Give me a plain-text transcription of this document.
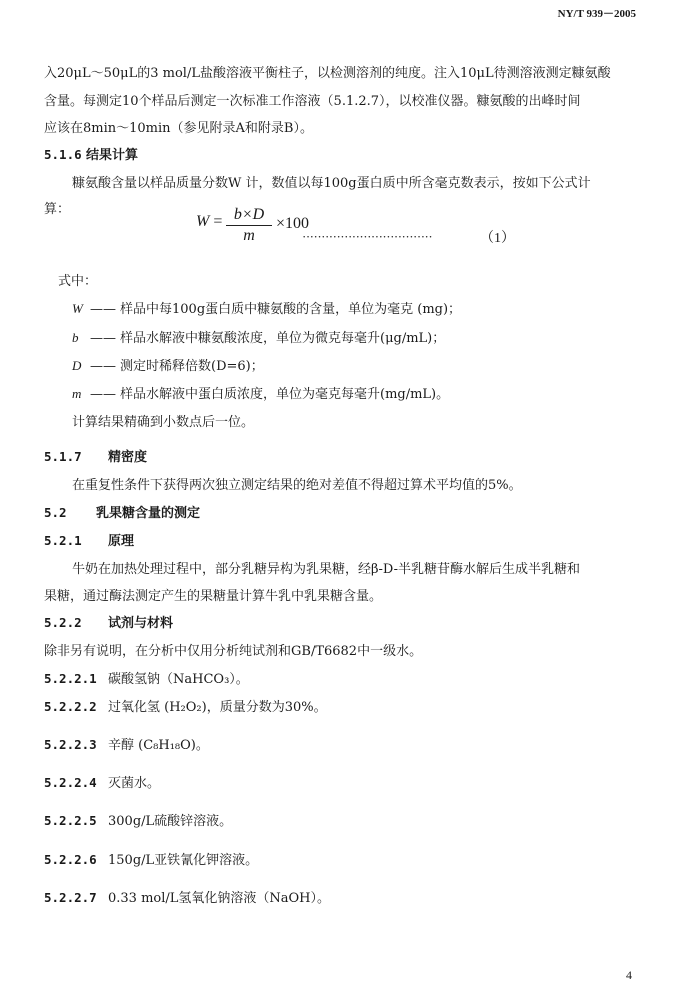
NY/T 939－2005
入20μL～50μL的3 mol/L盐酸溶液平衡柱子，以检测溶剂的纯度。注入10μL待测溶液测定糠氨酸
含量。每测定10个样品后测定一次标准工作溶液（5.1.2.7），以校准仪器。糠氨酸的出峰时间
应该在8min～10min（参见附录A和附录B）。
5.1.6 结果计算
糠氨酸含量以样品质量分数W 计，数值以每100g蛋白质中所含毫克数表示，按如下公式计
算：
$W = \frac{b\times D}{m} \times 100$
··································	（1）
式中：
W —— 样品中每100g蛋白质中糠氨酸的含量，单位为毫克 (mg)；
b —— 样品水解液中糠氨酸浓度，单位为微克每毫升(μg/mL)；
D —— 测定时稀释倍数(D=6)；
m —— 样品水解液中蛋白质浓度，单位为毫克每毫升(mg/mL)。
计算结果精确到小数点后一位。
5.1.7 精密度
在重复性条件下获得两次独立测定结果的绝对差值不得超过算术平均值的5%。
5.2 乳果糖含量的测定
5.2.1 原理
牛奶在加热处理过程中，部分乳糖异构为乳果糖，经β-D-半乳糖苷酶水解后生成半乳糖和
果糖，通过酶法测定产生的果糖量计算牛乳中乳果糖含量。
5.2.2 试剂与材料
除非另有说明，在分析中仅用分析纯试剂和GB/T6682中一级水。
5.2.2.1 碳酸氢钠（NaHCO₃）。
5.2.2.2 过氧化氢 (H₂O₂)，质量分数为30%。
5.2.2.3 辛醇 (C₈H₁₈O)。
5.2.2.4 灭菌水。
5.2.2.5 300g/L硫酸锌溶液。
5.2.2.6 150g/L亚铁氰化钾溶液。
5.2.2.7 0.33 mol/L氢氧化钠溶液（NaOH）。
4
